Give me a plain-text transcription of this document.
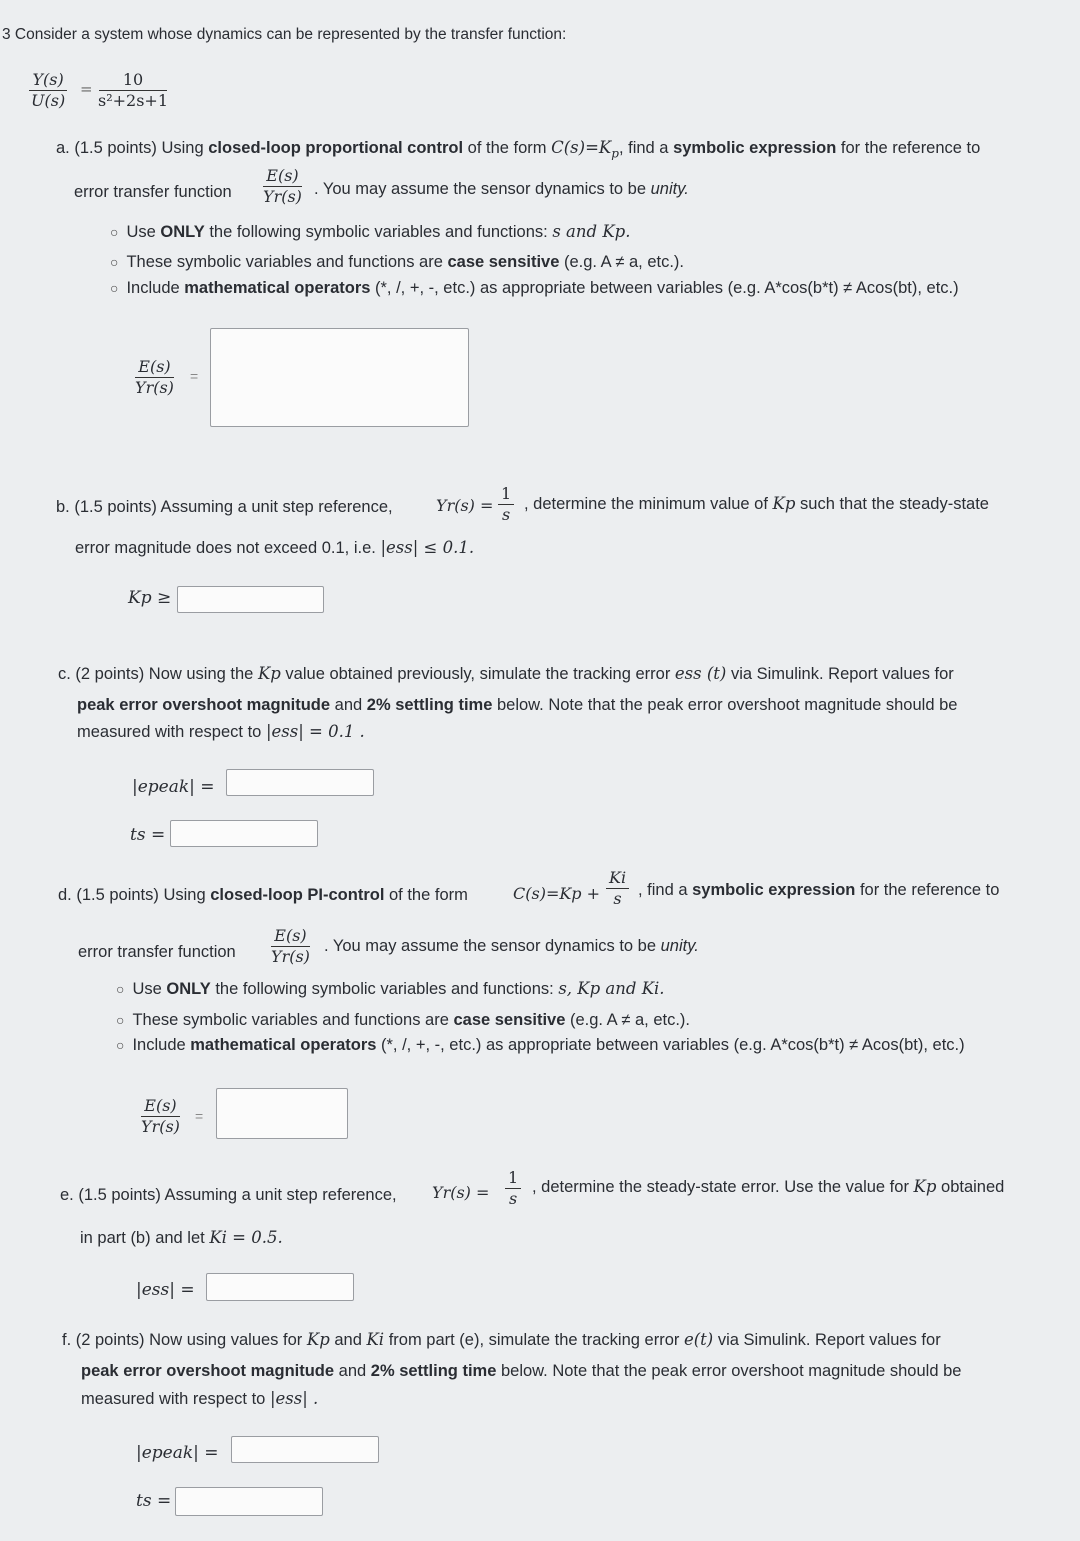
3 Consider a system whose dynamics can be represented by the transfer function:
$\frac{Y(s)}{U(s)} = \frac{10}{\text{s²+2s+1}}$
a. (1.5 points) Using closed-loop proportional control of the form $C(s)=K_p$, find a symbolic expression for the reference to
error transfer function $\frac{E(s)}{Yr(s)}$ . You may assume the sensor dynamics to be unity.
○ Use ONLY the following symbolic variables and functions: s and Kp.
○ These symbolic variables and functions are case sensitive (e.g. A ≠ a, etc.).
○ Include mathematical operators (*, /, +, -, etc.) as appropriate between variables (e.g. A*cos(b*t) ≠ Acos(bt), etc.)
$\frac{E(s)}{Yr(s)}$ =
b. (1.5 points) Assuming a unit step reference,	$Yr(s) = \frac{1}{s}$ , determine the minimum value of Kp such that the steady-state
error magnitude does not exceed 0.1, i.e. |ess| ≤ 0.1.
Kp ≥
c. (2 points) Now using the Kp value obtained previously, simulate the tracking error ess (t) via Simulink. Report values for
peak error overshoot magnitude and 2% settling time below. Note that the peak error overshoot magnitude should be
measured with respect to |ess| = 0.1 .
|epeak| =
ts =
d. (1.5 points) Using closed-loop PI-control of the form	$C(s)=Kp + \frac{Ki}{s}$ , find a symbolic expression for the reference to
error transfer function $\frac{E(s)}{Yr(s)}$ . You may assume the sensor dynamics to be unity.
○ Use ONLY the following symbolic variables and functions: s, Kp and Ki.
○ These symbolic variables and functions are case sensitive (e.g. A ≠ a, etc.).
○ Include mathematical operators (*, /, +, -, etc.) as appropriate between variables (e.g. A*cos(b*t) ≠ Acos(bt), etc.)
$\frac{E(s)}{Yr(s)}$ =
e. (1.5 points) Assuming a unit step reference, $Yr(s) = \frac{1}{s}$ , determine the steady-state error. Use the value for Kp obtained
in part (b) and let Ki = 0.5.
|ess| =
f. (2 points) Now using values for Kp and Ki from part (e), simulate the tracking error e(t) via Simulink. Report values for
peak error overshoot magnitude and 2% settling time below. Note that the peak error overshoot magnitude should be
measured with respect to |ess| .
|epeak| =
ts =
